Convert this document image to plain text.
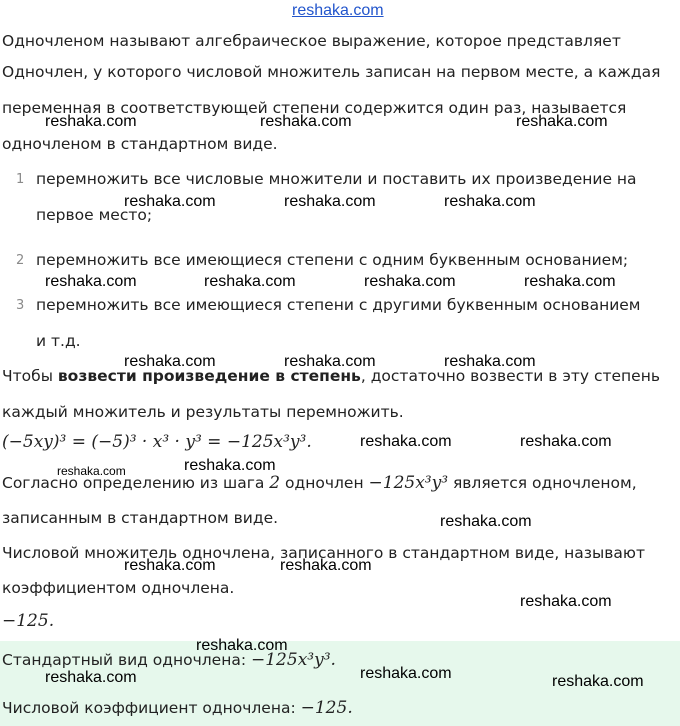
reshaka.com
Одночленом называют алгебраическое выражение, которое представляет
Одночлен, у которого числовой множитель записан на первом месте, а каждая
переменная в соответствующей степени содержится один раз, называется
одночленом в стандартном виде.
1 перемножить все числовые множители и поставить их произведение на
первое место;
2 перемножить все имеющиеся степени с одним буквенным основанием;
3 перемножить все имеющиеся степени с другими буквенным основанием
и т.д.
Чтобы возвести произведение в степень, достаточно возвести в эту степень
каждый множитель и результаты перемножить.
(−5xy)³ = (−5)³ · x³ · y³ = −125x³y³.
Согласно определению из шага 2 одночлен −125x³y³ является одночленом,
записанным в стандартном виде.
Числовой множитель одночлена, записанного в стандартном виде, называют
коэффициентом одночлена.
−125.
Стандартный вид одночлена: −125x³y³.
Числовой коэффициент одночлена: −125.
reshaka.com	reshaka.com	reshaka.com
reshaka.com	reshaka.com	reshaka.com
reshaka.com	reshaka.com	reshaka.com	reshaka.com
reshaka.com	reshaka.com	reshaka.com
reshaka.com	reshaka.com
reshaka.com	reshaka.com
reshaka.com
reshaka.com	reshaka.com
reshaka.com
reshaka.com
reshaka.com	reshaka.com	reshaka.com
